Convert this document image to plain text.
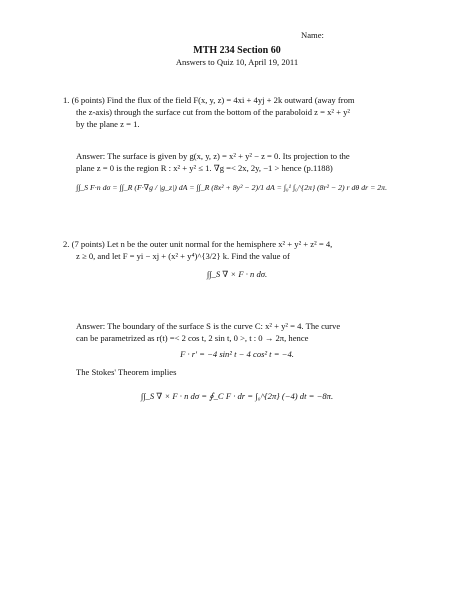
Name:
MTH 234 Section 60
Answers to Quiz 10, April 19, 2011
1. (6 points) Find the flux of the field F(x, y, z) = 4xi + 4yj + 2k outward (away from
the z-axis) through the surface cut from the bottom of the paraboloid z = x² + y²
by the plane z = 1.
Answer: The surface is given by g(x, y, z) = x² + y² − z = 0. Its projection to the
plane z = 0 is the region R : x² + y² ≤ 1. ∇g =< 2x, 2y, −1 > hence (p.1188)
∫∫_S F·n dσ = ∫∫_R (F·∇g / |g_z|) dA = ∫∫_R (8x² + 8y² − 2)/1 dA = ∫₀¹ ∫₀^{2π} (8r² − 2) r dθ dr = 2π.
2. (7 points) Let n be the outer unit normal for the hemisphere x² + y² + z² = 4,
z ≥ 0, and let F = yi − xj + (x² + y⁴)^{3/2} k. Find the value of
∫∫_S ∇ × F · n dσ.
Answer: The boundary of the surface S is the curve C: x² + y² = 4. The curve
can be parametrized as r(t) =< 2 cos t, 2 sin t, 0 >, t : 0 → 2π, hence
F · r′ = −4 sin² t − 4 cos² t = −4.
The Stokes' Theorem implies
∫∫_S ∇ × F · n dσ = ∮_C F · dr = ∫₀^{2π} (−4) dt = −8π.
